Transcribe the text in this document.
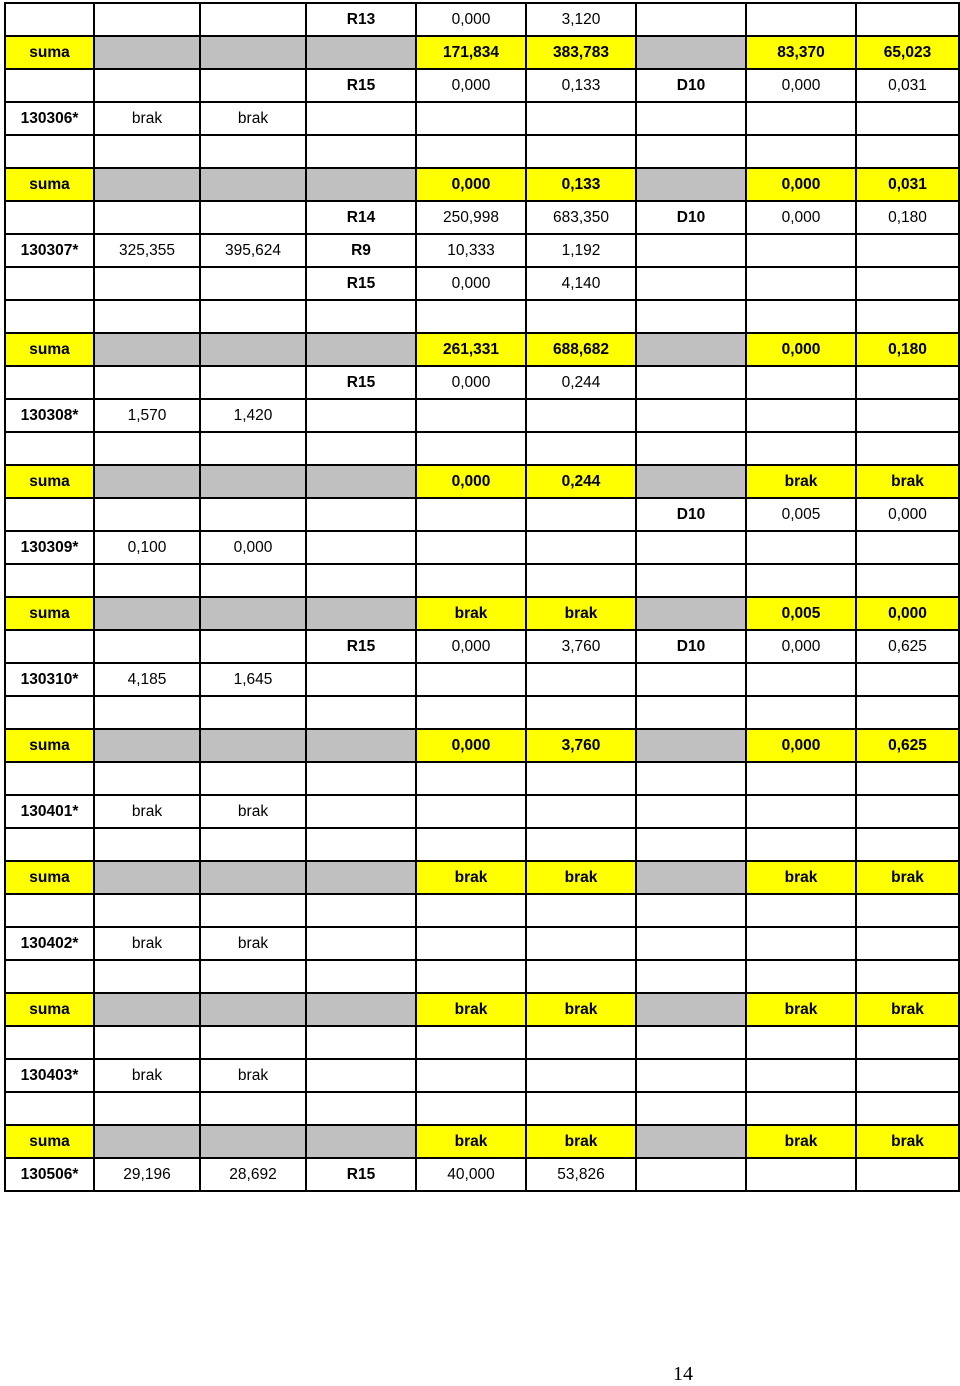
			R13	0,000	3,120			
suma				171,834	383,783		83,370	65,023
			R15	0,000	0,133	D10	0,000	0,031
130306*	brak	brak						

suma				0,000	0,133		0,000	0,031
			R14	250,998	683,350	D10	0,000	0,180
130307*	325,355	395,624	R9	10,333	1,192			
			R15	0,000	4,140			

suma				261,331	688,682		0,000	0,180
			R15	0,000	0,244			
130308*	1,570	1,420						

suma				0,000	0,244		brak	brak
						D10	0,005	0,000
130309*	0,100	0,000						

suma				brak	brak		0,005	0,000
			R15	0,000	3,760	D10	0,000	0,625
130310*	4,185	1,645						

suma				0,000	3,760		0,000	0,625

130401*	brak	brak						

suma				brak	brak		brak	brak

130402*	brak	brak						

suma				brak	brak		brak	brak

130403*	brak	brak						

suma				brak	brak		brak	brak
130506*	29,196	28,692	R15	40,000	53,826			
14
